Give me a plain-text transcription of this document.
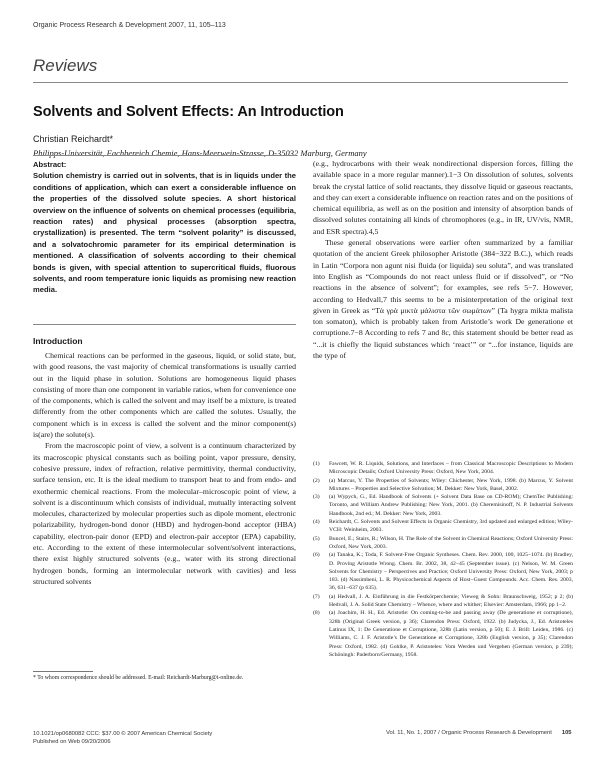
Organic Process Research & Development 2007, 11, 105–113
Reviews
Solvents and Solvent Effects: An Introduction
Christian Reichardt*
Philipps-Universität, Fachbereich Chemie, Hans-Meerwein-Strasse, D-35032 Marburg, Germany
Abstract:
Solution chemistry is carried out in solvents, that is in liquids under the conditions of application, which can exert a considerable influence on the properties of the dissolved solute species. A short historical overview on the influence of solvents on chemical processes (equilibria, reaction rates) and physical processes (absorption spectra, crystallization) is presented. The term “solvent polarity” is discussed, and a solvatochromic parameter for its empirical determination is mentioned. A classification of solvents according to their chemical bonds is given, with special attention to supercritical fluids, fluorous solvents, and room temperature ionic liquids as promising new reaction media.
Introduction

Chemical reactions can be performed in the gaseous, liquid, or solid state, but, with good reasons, the vast majority of chemical transformations is usually carried out in the liquid phase in solution. Solutions are homogeneous liquid phases consisting of more than one component in variable ratios, when for convenience one of the components, which is called the solvent and may itself be a mixture, is treated differently from the other components which are called the solutes. Usually, the component which is in excess is called the solvent and the minor component(s) is(are) the solute(s).

From the macroscopic point of view, a solvent is a continuum characterized by its macroscopic physical constants such as boiling point, vapor pressure, density, cohesive pressure, index of refraction, relative permittivity, thermal conductivity, surface tension, etc. It is the ideal medium to transport heat to and from endo- and exothermic chemical reactions. From the molecular–microscopic point of view, a solvent is a discontinuum which consists of individual, mutually interacting solvent molecules, characterized by molecular properties such as dipole moment, electronic polarizability, hydrogen-bond donor (HBD) and hydrogen-bond acceptor (HBA) capability, electron-pair donor (EPD) and electron-pair acceptor (EPA) capability, etc. According to the extent of these intermolecular solvent/solvent interactions, there exist highly structured solvents (e.g., water with its strong directional hydrogen bonds, forming an intermolecular network with cavities) and less structured solvents

(e.g., hydrocarbons with their weak nondirectional dispersion forces, filling the available space in a more regular manner).1−3 On dissolution of solutes, solvents break the crystal lattice of solid reactants, they dissolve liquid or gaseous reactants, and they can exert a considerable influence on reaction rates and on the positions of chemical equilibria, as well as on the position and intensity of absorption bands of dissolved solutes containing all kinds of chromophores (e.g., in IR, UV/vis, NMR, and ESR spectra).4,5

These general observations were earlier often summarized by a familiar quotation of the ancient Greek philosopher Aristotle (384−322 B.C.), which reads in Latin “Corpora non agunt nisi fluida (or liquida) seu soluta”, and was translated into English as “Compounds do not react unless fluid or if dissolved”, or “No reactions in the absence of solvent”; for examples, see refs 5−7. However, according to Hedvall,7 this seems to be a misinterpretation of the original text given in Greek as “Τὰ γρὰ μικτὰ μάλιστα τῶν σωμάτων” (Ta hygra mikta malista ton somaton), which is probably taken from Aristotle’s work De generatione et corruptione.7−8 According to refs 7 and 8c, this statement should be better read as “...it is chiefly the liquid substances which ‘react’” or “...for instance, liquids are the type of

(1)	Fawcett, W. R. Liquids, Solutions, and Interfaces – from Classical Macroscopic Descriptions to Modern Microscopic Details; Oxford University Press: Oxford, New York, 2004.
(2)	(a) Marcus, Y. The Properties of Solvents; Wiley: Chichester, New York, 1998. (b) Marcus, Y. Solvent Mixtures – Properties and Selective Solvation; M. Dekker: New York, Basel, 2002.
(3)	(a) Wypych, G., Ed. Handbook of Solvents (+ Solvent Data Base on CD-ROM); ChemTec Publishing: Toronto, and William Andrew Publishing: New York, 2001. (b) Cheremisinoff, N. P. Industrial Solvents Handbook, 2nd ed.; M. Dekker: New York, 2003.
(4)	Reichardt, C. Solvents and Solvent Effects in Organic Chemistry, 3rd updated and enlarged edition; Wiley-VCH: Weinheim, 2003.
(5)	Buncel, E.; Stairs, R.; Wilson, H. The Role of the Solvent in Chemical Reactions; Oxford University Press: Oxford, New York, 2003.
(6)	(a) Tanaka, K.; Toda, F. Solvent-Free Organic Syntheses. Chem. Rev. 2000, 100, 1025−1074. (b) Bradley, D. Proving Aristotle Wrong. Chem. Br. 2002, 38, 42−45 (September issue). (c) Nelson, W. M. Green Solvents for Chemistry – Perspectives and Practice; Oxford University Press: Oxford, New York, 2003; p 183. (d) Nassimbeni, L. R. Physicochemical Aspects of Host−Guest Compounds. Acc. Chem. Res. 2003, 36, 631−637 (p 635).
(7)	(a) Hedvall, J. A. Einführung in die Festkörperchemie; Vieweg & Sohn: Braunschweig, 1952; p 2; (b) Hedvall, J. A. Solid State Chemistry – Whence, where and whither; Elsevier: Amsterdam, 1966; pp 1−2.
(8)	(a) Joachim, H. H., Ed. Aristotle: On coming-to-be and passing away (De generatione et corruptione), 328b (Original Greek version, p 36); Clarendon Press: Oxford, 1922. (b) Judycka, J., Ed. Aristoteles Latinus IX, 1: De Generatione et Corruptione, 328b (Latin version, p 50); E. J. Brill: Leiden, 1986. (c) Williams, C. J. F. Aristotle’s De Generatione et Corruptione, 328b (English version, p 35); Clarendon Press: Oxford, 1982. (d) Gohlke, P. Aristoteles: Vom Werden und Vergehen (German version, p 239); Schöningh: Paderborn/Germany, 1958.
* To whom correspondence should be addressed. E-mail: Reichardt-Marburg@t-online.de.
10.1021/op0680082 CCC: $37.00 © 2007 American Chemical Society
Published on Web 09/20/2006
Vol. 11, No. 1, 2007 / Organic Process Research & Development 105
